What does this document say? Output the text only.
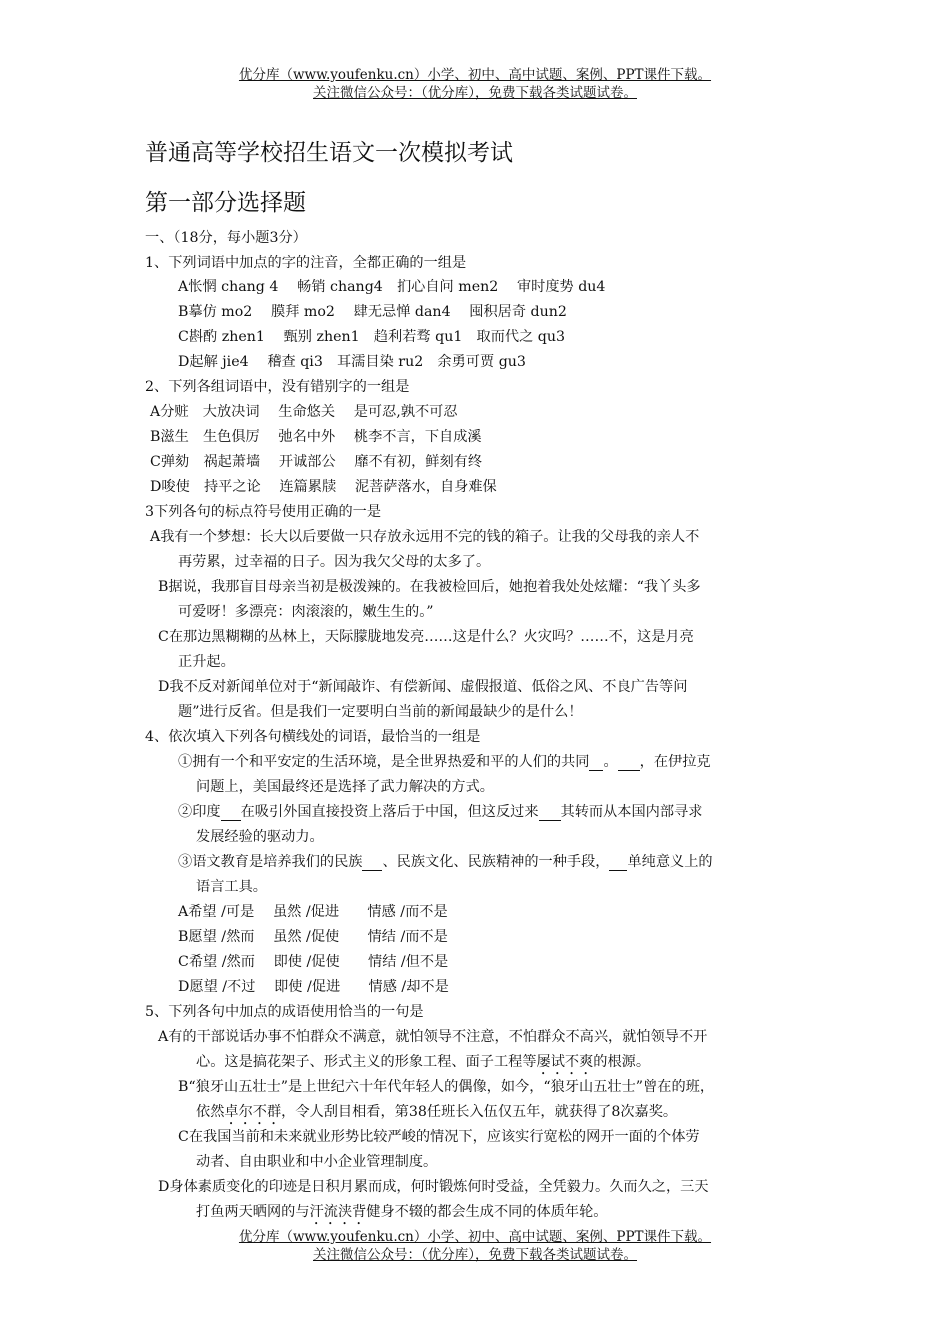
优分库（www.youfenku.cn）小学、初中、高中试题、案例、PPT课件下载。
关注微信公众号：（优分库），免费下载各类试题试卷。
普通高等学校招生语文一次模拟考试
第一部分选择题
一、（18分，每小题3分）
1、下列词语中加点的字的注音，全都正确的一组是
A怅惘 chang 4　 畅销 chang4　扪心自问 men2　 审时度势 du4
B摹仿 mo2　 膜拜 mo2　 肆无忌惮 dan4　 囤积居奇 dun2
C斟酌 zhen1　 甄别 zhen1　趋利若骛 qu1　取而代之 qu3
D起解 jie4　 稽查 qi3　耳濡目染 ru2　余勇可贾 gu3
2、下列各组词语中，没有错别字的一组是
A分赃　大放决词　 生命悠关　 是可忍,孰不可忍
B滋生　生色俱厉　 弛名中外　 桃李不言，下自成溪
C弹劾　祸起萧墙　 开诚部公　 靡不有初，鲜刻有终
D唆使　持平之论　 连篇累牍　 泥菩萨落水，自身难保
3下列各句的标点符号使用正确的一是
A我有一个梦想：长大以后要做一只存放永远用不完的钱的箱子。让我的父母我的亲人不
再劳累，过幸福的日子。因为我欠父母的太多了。
B据说，我那盲目母亲当初是极泼辣的。在我被检回后，她抱着我处处炫耀：“我丫头多
可爱呀！多漂亮：肉滚滚的，嫩生生的。”
C在那边黑糊糊的丛林上，天际朦胧地发亮……这是什么？火灾吗？……不，这是月亮
正升起。
D我不反对新闻单位对于“新闻敲诈、有偿新闻、虚假报道、低俗之风、不良广告等问
题”进行反省。但是我们一定要明白当前的新闻最缺少的是什么！
4、依次填入下列各句横线处的词语，最恰当的一组是
①拥有一个和平安定的生活环境，是全世界热爱和平的人们的共同 。 ，在伊拉克
问题上，美国最终还是选择了武力解决的方式。
②印度 在吸引外国直接投资上落后于中国，但这反过来 其转而从本国内部寻求
发展经验的驱动力。
③语文教育是培养我们的民族 、民族文化、民族精神的一种手段， 单纯意义上的
语言工具。
A希望 /可是　 虽然 /促进　　情感 /而不是
B愿望 /然而　 虽然 /促使　　情结 /而不是
C希望 /然而　 即使 /促使　　情结 /但不是
D愿望 /不过　 即使 /促进　　情感 /却不是
5、下列各句中加点的成语使用恰当的一句是
A有的干部说话办事不怕群众不满意，就怕领导不注意，不怕群众不高兴，就怕领导不开
心。这是搞花架子、形式主义的形象工程、面子工程等屡试不爽的根源。
B“狼牙山五壮士”是上世纪六十年代年轻人的偶像，如今，“狼牙山五壮士”曾在的班，
依然卓尔不群，令人刮目相看，第38任班长入伍仅五年，就获得了8次嘉奖。
C在我国当前和未来就业形势比较严峻的情况下，应该实行宽松的网开一面的个体劳
动者、自由职业和中小企业管理制度。
D身体素质变化的印迹是日积月累而成，何时锻炼何时受益，全凭毅力。久而久之，三天
打鱼两天晒网的与汗流浃背健身不辍的都会生成不同的体质年轮。
优分库（www.youfenku.cn）小学、初中、高中试题、案例、PPT课件下载。
关注微信公众号：（优分库），免费下载各类试题试卷。
